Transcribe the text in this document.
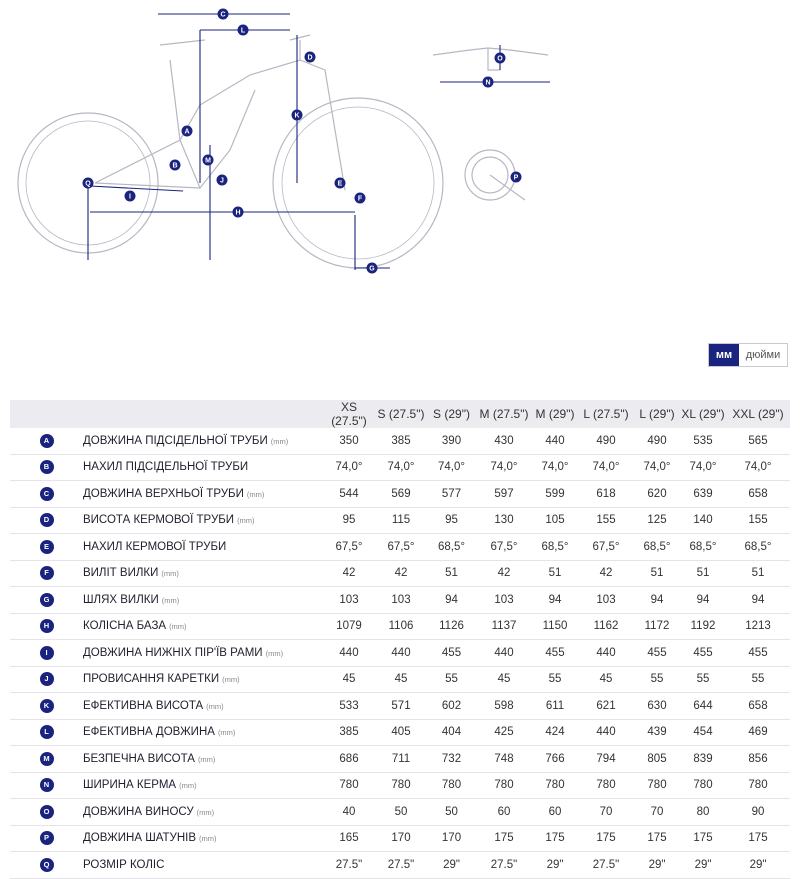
C
L
D
K
A
B
M
J
Q
I
H
E
F
G
N
O
P
мм	дюйми
		XS (27.5")	S (27.5")	S (29")	M (27.5")	M (29")	L (27.5")	L (29")	XL (29")	XXL (29")
A	ДОВЖИНА ПІДСІДЕЛЬНОЇ ТРУБИ (mm)	350	385	390	430	440	490	490	535	565
B	НАХИЛ ПІДСІДЕЛЬНОЇ ТРУБИ	74,0°	74,0°	74,0°	74,0°	74,0°	74,0°	74,0°	74,0°	74,0°
C	ДОВЖИНА ВЕРХНЬОЇ ТРУБИ (mm)	544	569	577	597	599	618	620	639	658
D	ВИСОТА КЕРМОВОЇ ТРУБИ (mm)	95	115	95	130	105	155	125	140	155
E	НАХИЛ КЕРМОВОЇ ТРУБИ	67,5°	67,5°	68,5°	67,5°	68,5°	67,5°	68,5°	68,5°	68,5°
F	ВИЛІТ ВИЛКИ (mm)	42	42	51	42	51	42	51	51	51
G	ШЛЯХ ВИЛКИ (mm)	103	103	94	103	94	103	94	94	94
H	КОЛІСНА БАЗА (mm)	1079	1106	1126	1137	1150	1162	1172	1192	1213
I	ДОВЖИНА НИЖНІХ ПІР'ЇВ РАМИ (mm)	440	440	455	440	455	440	455	455	455
J	ПРОВИСАННЯ КАРЕТКИ (mm)	45	45	55	45	55	45	55	55	55
K	ЕФЕКТИВНА ВИСОТА (mm)	533	571	602	598	611	621	630	644	658
L	ЕФЕКТИВНА ДОВЖИНА (mm)	385	405	404	425	424	440	439	454	469
M	БЕЗПЕЧНА ВИСОТА (mm)	686	711	732	748	766	794	805	839	856
N	ШИРИНА КЕРМА (mm)	780	780	780	780	780	780	780	780	780
O	ДОВЖИНА ВИНОСУ (mm)	40	50	50	60	60	70	70	80	90
P	ДОВЖИНА ШАТУНІВ (mm)	165	170	170	175	175	175	175	175	175
Q	РОЗМІР КОЛІС	27.5"	27.5"	29"	27.5"	29"	27.5"	29"	29"	29"
